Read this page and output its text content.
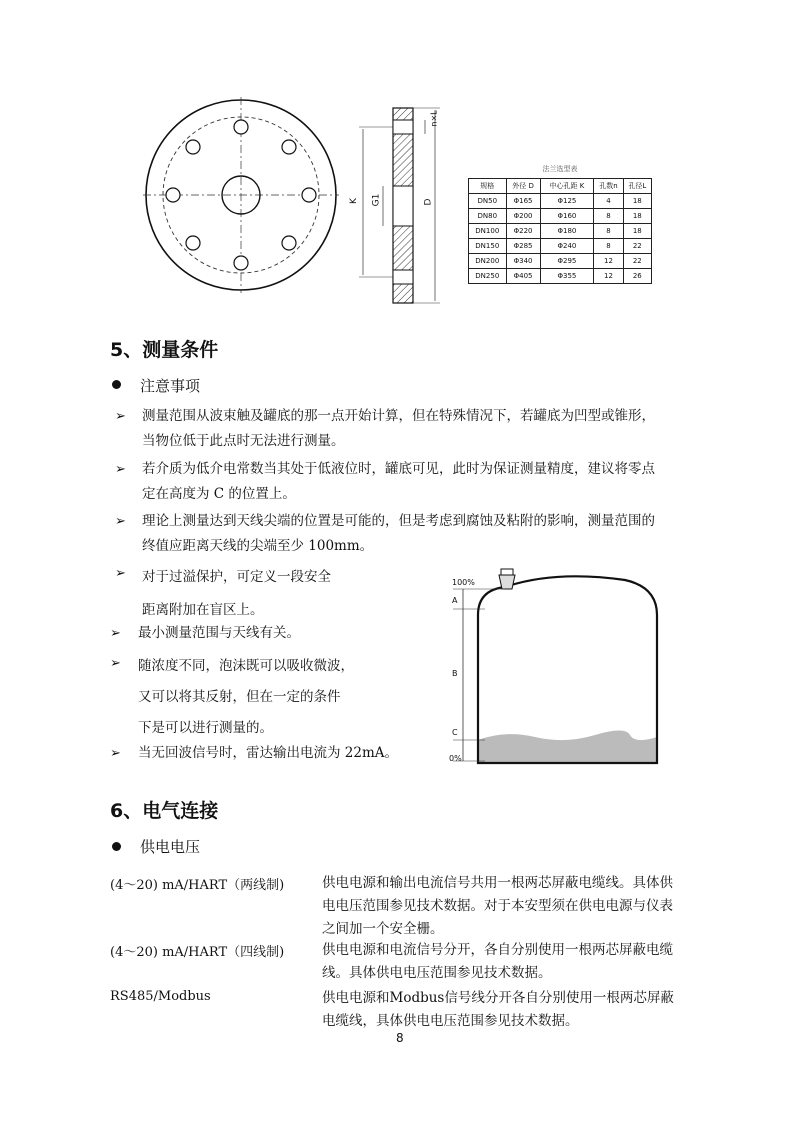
K G1	D
n×L
法兰选型表
规格	外径 D	中心孔距 K	孔数n	孔径L
DN50	Φ165	Φ125	4	18
DN80	Φ200	Φ160	8	18
DN100	Φ220	Φ180	8	18
DN150	Φ285	Φ240	8	22
DN200	Φ340	Φ295	12	22
DN250	Φ405	Φ355	12	26
5、测量条件
注意事项
➢ 测量范围从波束触及罐底的那一点开始计算，但在特殊情况下，若罐底为凹型或锥形，
当物位低于此点时无法进行测量。
➢ 若介质为低介电常数当其处于低液位时，罐底可见，此时为保证测量精度，建议将零点
定在高度为 C 的位置上。
➢ 理论上测量达到天线尖端的位置是可能的，但是考虑到腐蚀及粘附的影响，测量范围的
终值应距离天线的尖端至少 100mm。
➢ 对于过溢保护，可定义一段安全
距离附加在盲区上。
➢ 最小测量范围与天线有关。
➢ 随浓度不同，泡沫既可以吸收微波，
又可以将其反射，但在一定的条件
下是可以进行测量的。
➢ 当无回波信号时，雷达输出电流为 22mA。
100%
A
B
C
0%
6、电气连接
供电电压
(4～20) mA/HART（两线制)	供电电源和输出电流信号共用一根两芯屏蔽电缆线。具体供
电电压范围参见技术数据。对于本安型须在供电电源与仪表
之间加一个安全栅。
(4～20) mA/HART（四线制)	供电电源和电流信号分开，各自分别使用一根两芯屏蔽电缆
线。具体供电电压范围参见技术数据。
RS485/Modbus	供电电源和Modbus信号线分开各自分别使用一根两芯屏蔽
电缆线，具体供电电压范围参见技术数据。
8
